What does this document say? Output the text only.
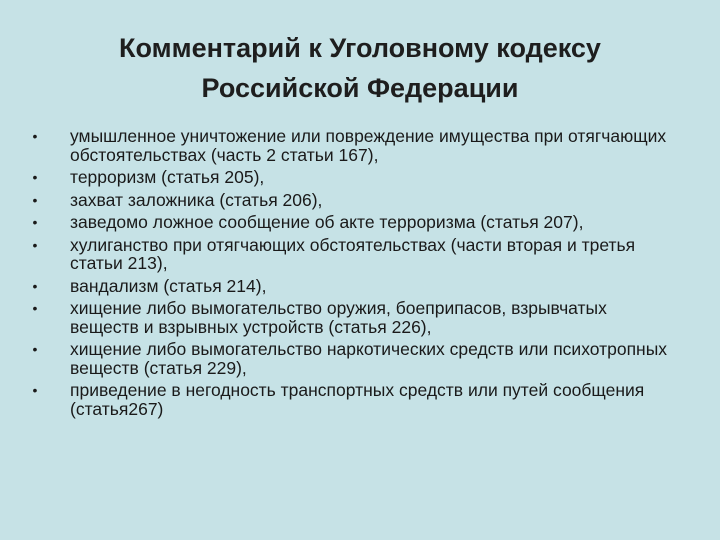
Комментарий к Уголовному кодексу
Российской Федерации
• умышленное уничтожение или повреждение имущества при отягчающих обстоятельствах (часть 2 статьи 167),
• терроризм (статья 205),
• захват заложника (статья 206),
• заведомо ложное сообщение об акте терроризма (статья 207),
• хулиганство при отягчающих обстоятельствах (части вторая и третья статьи 213),
• вандализм (статья 214),
• хищение либо вымогательство оружия, боеприпасов, взрывчатых веществ и взрывных устройств (статья 226),
• хищение либо вымогательство наркотических средств или психотропных веществ (статья 229),
• приведение в негодность транспортных средств или путей сообщения (статья267)
